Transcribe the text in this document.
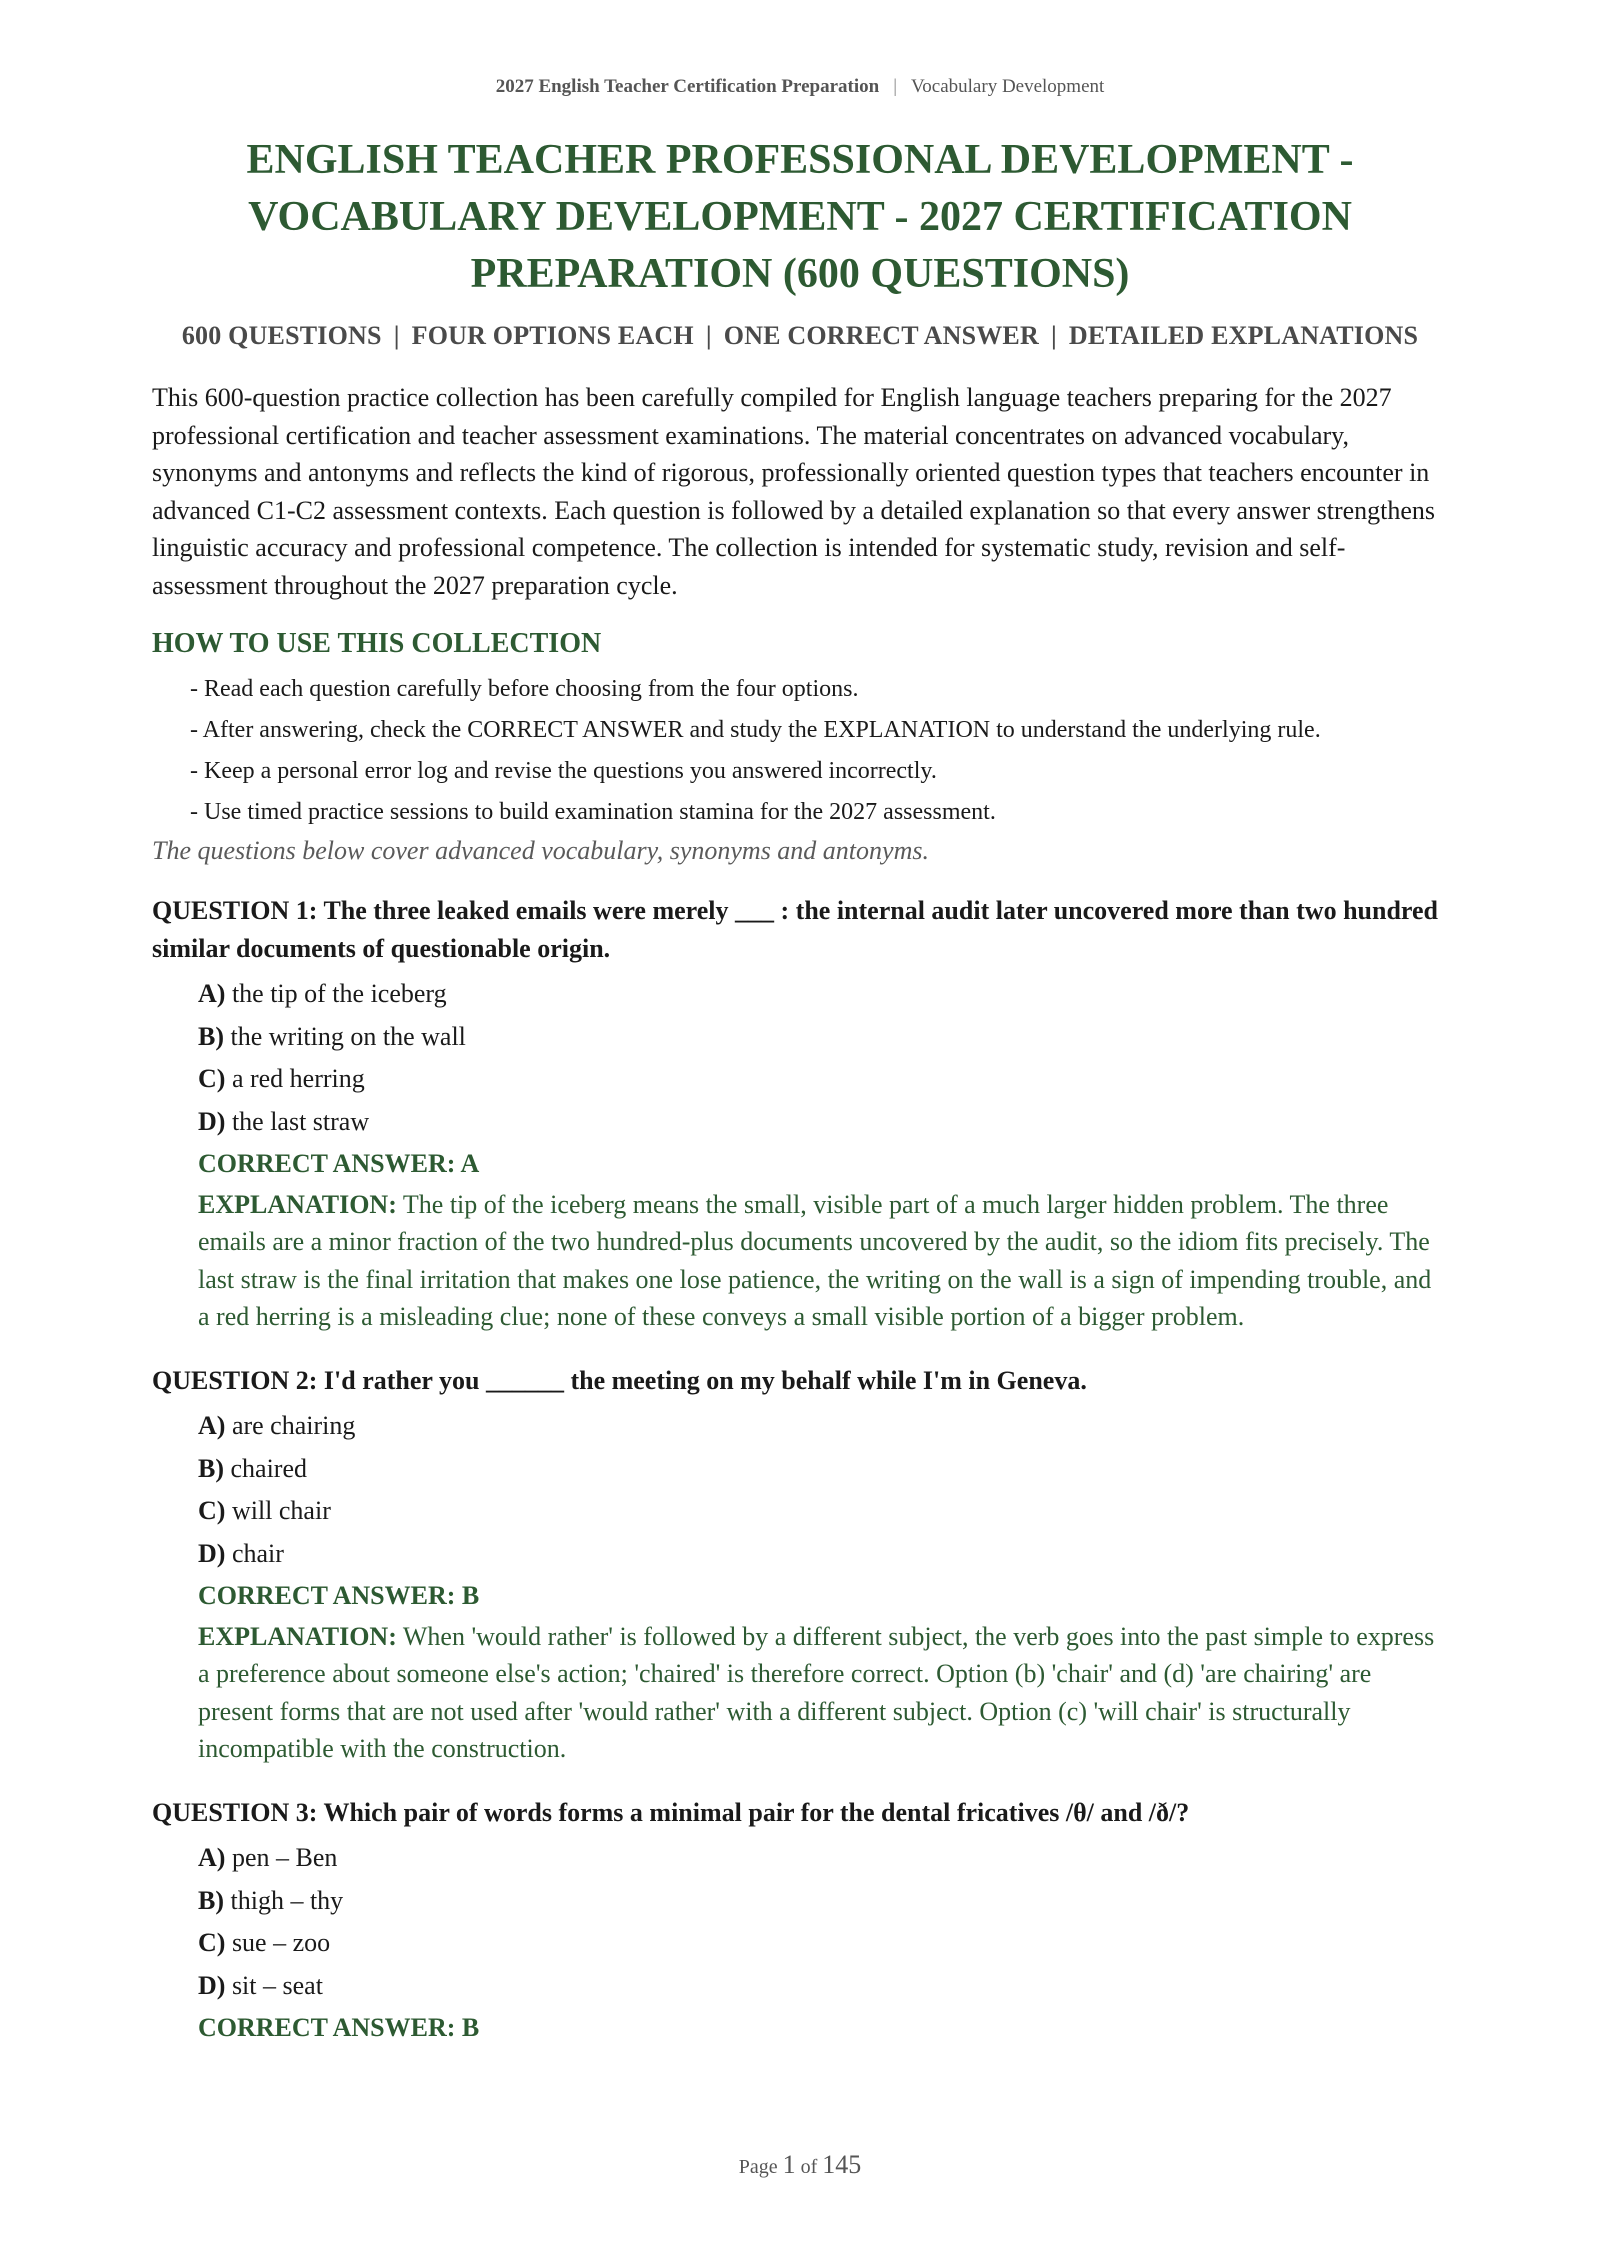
2027 English Teacher Certification Preparation | Vocabulary Development
ENGLISH TEACHER PROFESSIONAL DEVELOPMENT - VOCABULARY DEVELOPMENT - 2027 CERTIFICATION PREPARATION (600 QUESTIONS)
600 QUESTIONS | FOUR OPTIONS EACH | ONE CORRECT ANSWER | DETAILED EXPLANATIONS

This 600-question practice collection has been carefully compiled for English language teachers preparing for the 2027 professional certification and teacher assessment examinations. The material concentrates on advanced vocabulary, synonyms and antonyms and reflects the kind of rigorous, professionally oriented question types that teachers encounter in advanced C1-C2 assessment contexts. Each question is followed by a detailed explanation so that every answer strengthens linguistic accuracy and professional competence. The collection is intended for systematic study, revision and self-assessment throughout the 2027 preparation cycle.

HOW TO USE THIS COLLECTION
- Read each question carefully before choosing from the four options.
- After answering, check the CORRECT ANSWER and study the EXPLANATION to understand the underlying rule.
- Keep a personal error log and revise the questions you answered incorrectly.
- Use timed practice sessions to build examination stamina for the 2027 assessment.
The questions below cover advanced vocabulary, synonyms and antonyms.
QUESTION 1: The three leaked emails were merely ___ : the internal audit later uncovered more than two hundred similar documents of questionable origin.
A) the tip of the iceberg
B) the writing on the wall
C) a red herring
D) the last straw
CORRECT ANSWER: A
EXPLANATION: The tip of the iceberg means the small, visible part of a much larger hidden problem. The three emails are a minor fraction of the two hundred-plus documents uncovered by the audit, so the idiom fits precisely. The last straw is the final irritation that makes one lose patience, the writing on the wall is a sign of impending trouble, and a red herring is a misleading clue; none of these conveys a small visible portion of a bigger problem.
QUESTION 2: I'd rather you ______ the meeting on my behalf while I'm in Geneva.
A) are chairing
B) chaired
C) will chair
D) chair
CORRECT ANSWER: B
EXPLANATION: When 'would rather' is followed by a different subject, the verb goes into the past simple to express a preference about someone else's action; 'chaired' is therefore correct. Option (b) 'chair' and (d) 'are chairing' are present forms that are not used after 'would rather' with a different subject. Option (c) 'will chair' is structurally incompatible with the construction.
QUESTION 3: Which pair of words forms a minimal pair for the dental fricatives /θ/ and /ð/?
A) pen – Ben
B) thigh – thy
C) sue – zoo
D) sit – seat
CORRECT ANSWER: B
Page 1 of 145
